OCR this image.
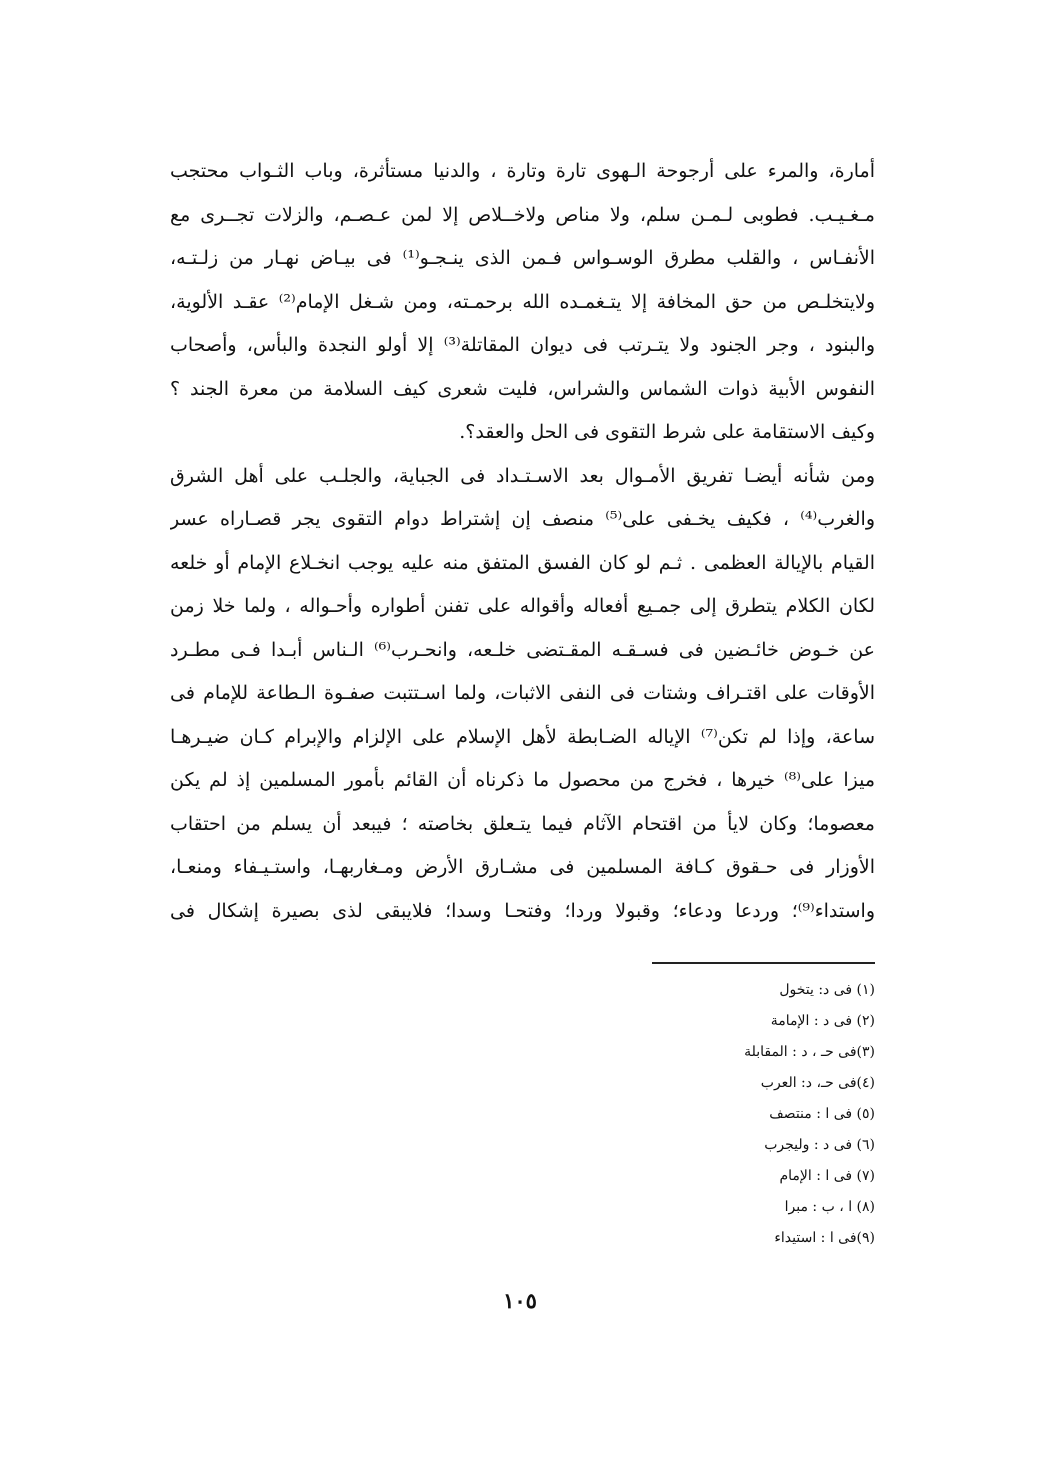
أمارة، والمرء على أرجوحة الـهوى تارة وتارة ، والدنيا مستأثرة، وباب الثـواب محتجب
مـغـيـب. فطوبى لـمـن سلم، ولا مناص ولاخــلاص إلا لمن عـصـم، والزلات تجــرى مع
الأنفـاس ، والقلب مطرق الوسـواس فـمن الذى ينـجـو⁽¹⁾ فى بيـاض نهـار من زلـتـه،
ولايتخلـص من حق المخافة إلا يتـغمـده الله برحمـته، ومن شـغل الإمام⁽²⁾ عقـد الألوية،
والبنود ، وجر الجنود ولا يتـرتب فى ديوان المقاتلة⁽³⁾ إلا أولو النجدة والبأس، وأصحاب
النفوس الأبية ذوات الشماس والشراس، فليت شعرى كيف السلامة من معرة الجند ؟
وكيف الاستقامة على شرط التقوى فى الحل والعقد؟.
ومن شأنه أيضـا تفريق الأمـوال بعد الاسـتـداد فى الجباية، والجلـب على أهل الشرق
والغرب⁽⁴⁾ ، فكيف يخـفى على⁽⁵⁾ منصف إن إشتراط دوام التقوى يجر قصـاراه عسر
القيام بالإيالة العظمى . ثـم لو كان الفسق المتفق منه عليه يوجب انخـلاع الإمام أو خلعه
لكان الكلام يتطرق إلى جمـيع أفعاله وأقواله على تفنن أطواره وأحـواله ، ولما خلا زمن
عن خـوض خائـضين فى فسـقـه المقـتضى خلـعه، وانحـرب⁽⁶⁾ الـناس أبـدا فـى مطـرد
الأوقات على اقتـراف وشتات فى النفى الاثبات، ولما اسـتتبت صفـوة الـطاعة للإمام فى
ساعة، وإذا لم تكن⁽⁷⁾ الإياله الضـابطة لأهل الإسلام على الإلزام والإبرام كـان ضيـرهـا
ميزا على⁽⁸⁾ خيرها ، فخرج من محصول ما ذكرناه أن القائم بأمور المسلمين إذ لم يكن
معصوما؛ وكان لايأ من اقتحام الآثام فيما يتـعلق بخاصته ؛ فيبعد أن يسلم من احتقاب
الأوزار فى حـقوق كـافة المسلمين فى مشـارق الأرض ومـغاربهـا، واستـيـفاء ومنعـا،
واستداء⁽⁹⁾؛ وردعا ودعاء؛ وقبولا وردا؛ وفتحـا وسدا؛ فلايبقى لذى بصيرة إشكال فى
(١) فى د: يتخول
(٢) فى د : الإمامة
(٣)فى حـ ، د : المقابلة
(٤)فى حـ، د: العرب
(٥) فى ا : منتصف
(٦) فى د : وليجرب
(٧) فى ا : الإمام
(٨) ا ، ب : مبرا
(٩)فى ا : استيداء
١٠٥
